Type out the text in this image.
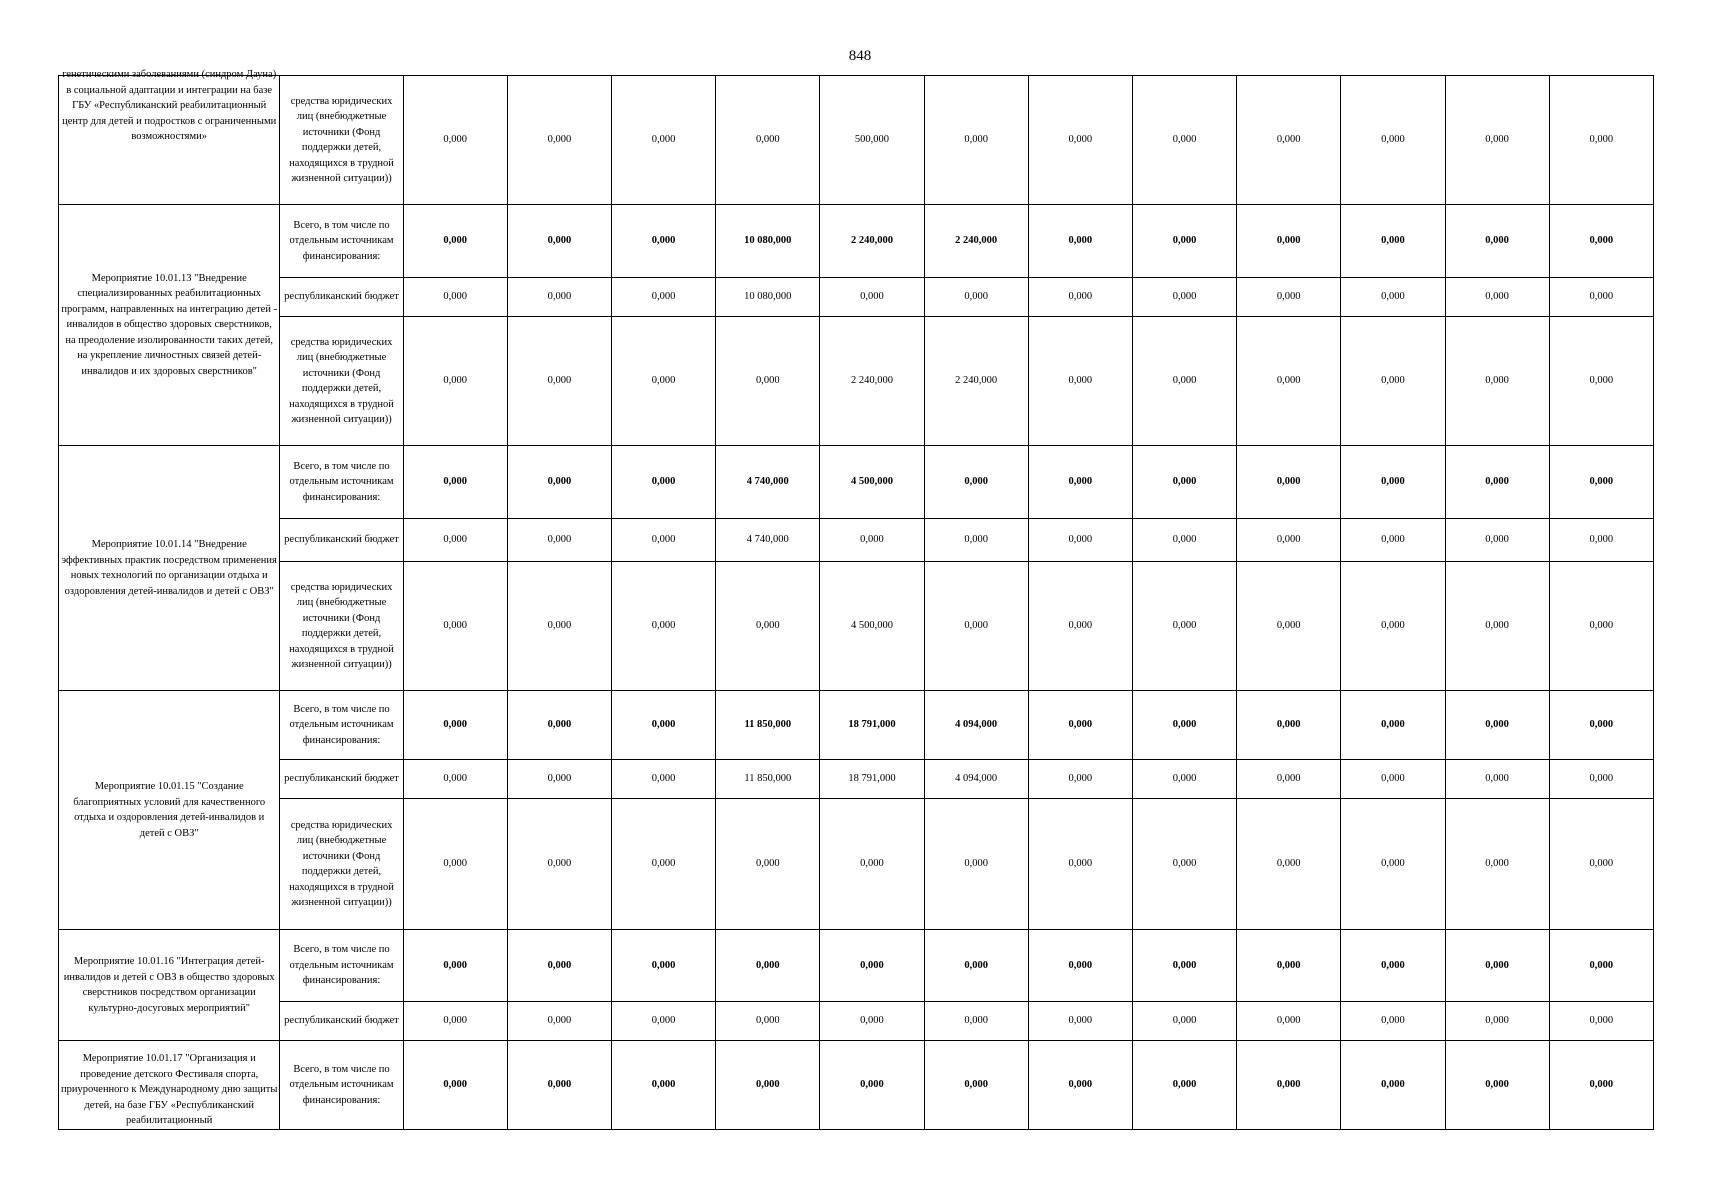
848
генетическими заболеваниями (синдром Дауна) в социальной адаптации и интеграции на базе ГБУ «Республиканский реабилитационный центр для детей и подростков с ограниченными возможностями»	средства юридических лиц (внебюджетные источники (Фонд поддержки детей, находящихся в трудной жизненной ситуации))	0,000	0,000	0,000	0,000	500,000	0,000	0,000	0,000	0,000	0,000	0,000	0,000
Мероприятие 10.01.13 "Внедрение специализированных реабилитационных программ, направленных на интеграцию детей - инвалидов в общество здоровых сверстников, на преодоление изолированности таких детей, на укрепление личностных связей детей-инвалидов и их здоровых сверстников"	Всего, в том числе по отдельным источникам финансирования:	0,000	0,000	0,000	10 080,000	2 240,000	2 240,000	0,000	0,000	0,000	0,000	0,000	0,000
	республиканский бюджет	0,000	0,000	0,000	10 080,000	0,000	0,000	0,000	0,000	0,000	0,000	0,000	0,000
	средства юридических лиц (внебюджетные источники (Фонд поддержки детей, находящихся в трудной жизненной ситуации))	0,000	0,000	0,000	0,000	2 240,000	2 240,000	0,000	0,000	0,000	0,000	0,000	0,000
Мероприятие 10.01.14 "Внедрение эффективных практик посредством применения новых технологий по организации отдыха и оздоровления детей-инвалидов и детей с ОВЗ"	Всего, в том числе по отдельным источникам финансирования:	0,000	0,000	0,000	4 740,000	4 500,000	0,000	0,000	0,000	0,000	0,000	0,000	0,000
	республиканский бюджет	0,000	0,000	0,000	4 740,000	0,000	0,000	0,000	0,000	0,000	0,000	0,000	0,000
	средства юридических лиц (внебюджетные источники (Фонд поддержки детей, находящихся в трудной жизненной ситуации))	0,000	0,000	0,000	0,000	4 500,000	0,000	0,000	0,000	0,000	0,000	0,000	0,000
Мероприятие 10.01.15 "Создание благоприятных условий для качественного отдыха и оздоровления детей-инвалидов и детей с ОВЗ"	Всего, в том числе по отдельным источникам финансирования:	0,000	0,000	0,000	11 850,000	18 791,000	4 094,000	0,000	0,000	0,000	0,000	0,000	0,000
	республиканский бюджет	0,000	0,000	0,000	11 850,000	18 791,000	4 094,000	0,000	0,000	0,000	0,000	0,000	0,000
	средства юридических лиц (внебюджетные источники (Фонд поддержки детей, находящихся в трудной жизненной ситуации))	0,000	0,000	0,000	0,000	0,000	0,000	0,000	0,000	0,000	0,000	0,000	0,000
Мероприятие 10.01.16 "Интеграция детей-инвалидов и детей с ОВЗ в общество здоровых сверстников посредством организации культурно-досуговых мероприятий"	Всего, в том числе по отдельным источникам финансирования:	0,000	0,000	0,000	0,000	0,000	0,000	0,000	0,000	0,000	0,000	0,000	0,000
	республиканский бюджет	0,000	0,000	0,000	0,000	0,000	0,000	0,000	0,000	0,000	0,000	0,000	0,000
Мероприятие 10.01.17 "Организация и проведение детского Фестиваля спорта, приуроченного к Международному дню защиты детей, на базе ГБУ «Республиканский реабилитационный	Всего, в том числе по отдельным источникам финансирования:	0,000	0,000	0,000	0,000	0,000	0,000	0,000	0,000	0,000	0,000	0,000	0,000
